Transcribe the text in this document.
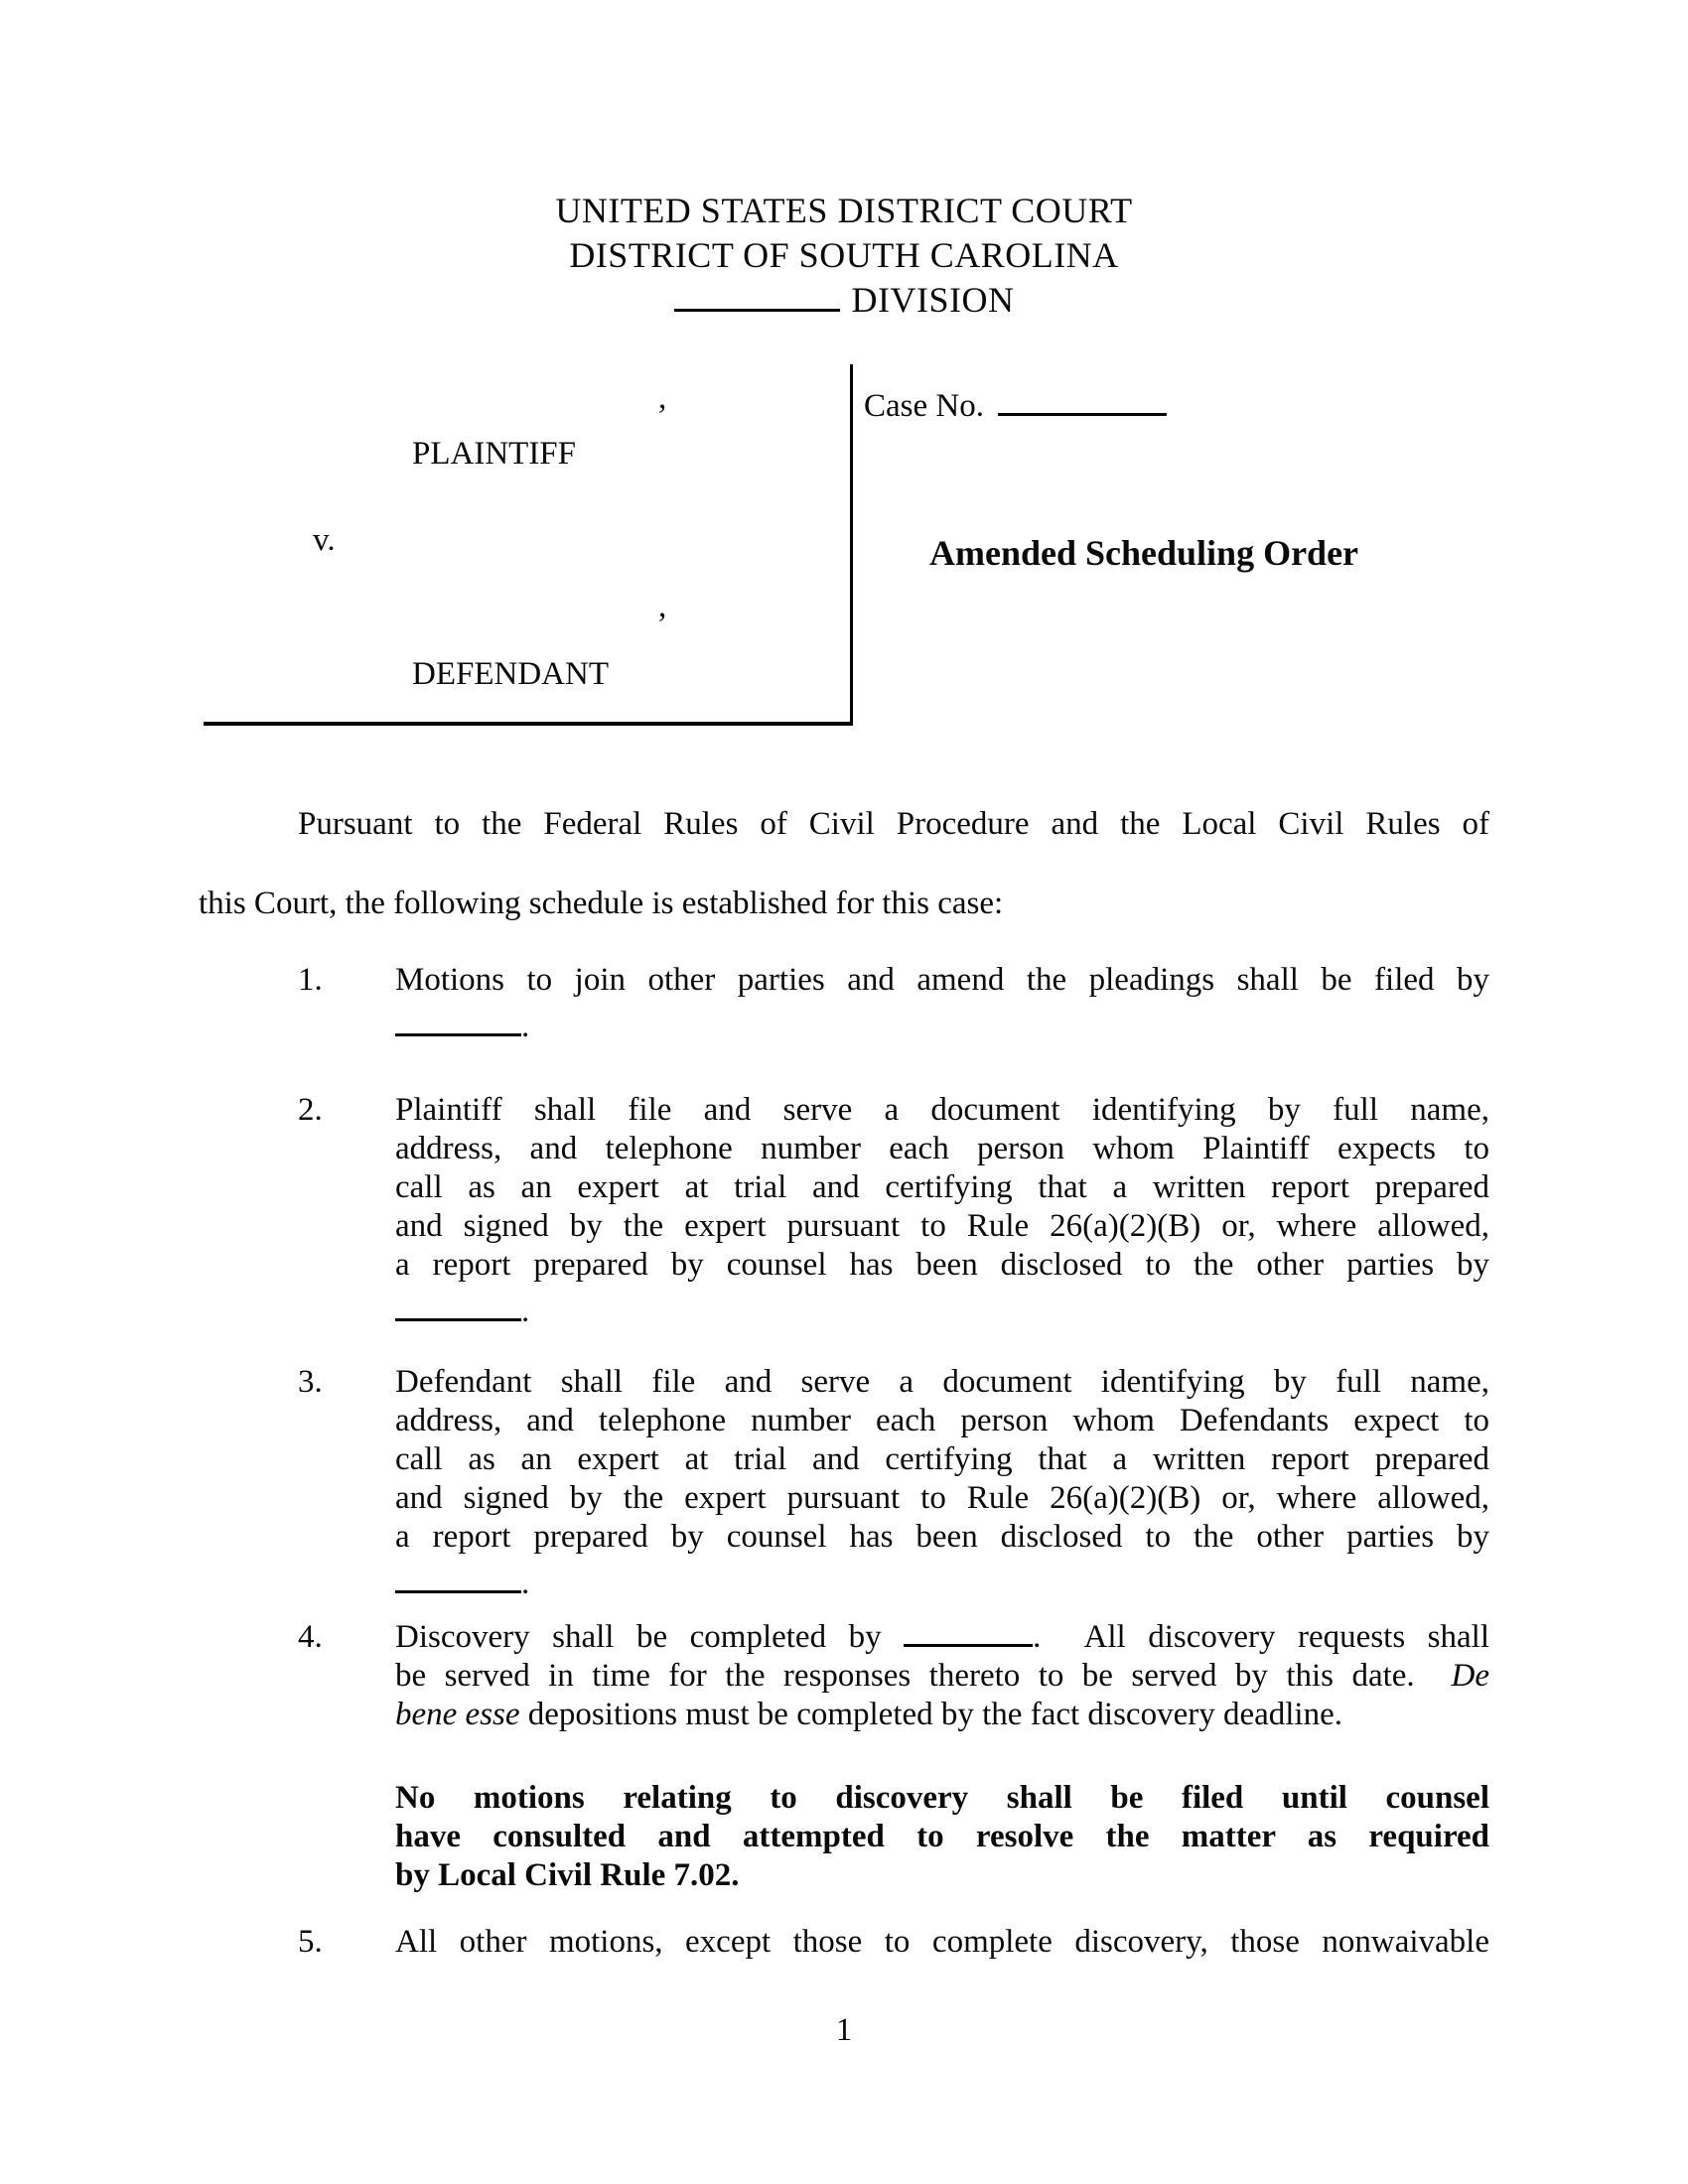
UNITED STATES DISTRICT COURT
DISTRICT OF SOUTH CAROLINA
DIVISION
,
PLAINTIFF
v.
,
DEFENDANT
Case No.
Amended Scheduling Order
Pursuant to the Federal Rules of Civil Procedure and the Local Civil Rules of
this Court, the following schedule is established for this case:
1.	Motions to join other parties and amend the pleadings shall be filed by
.
2.	Plaintiff shall file and serve a document identifying by full name,
address, and telephone number each person whom Plaintiff expects to
call as an expert at trial and certifying that a written report prepared
and signed by the expert pursuant to Rule 26(a)(2)(B) or, where allowed,
a report prepared by counsel has been disclosed to the other parties by
.
3.	Defendant shall file and serve a document identifying by full name,
address, and telephone number each person whom Defendants expect to
call as an expert at trial and certifying that a written report prepared
and signed by the expert pursuant to Rule 26(a)(2)(B) or, where allowed,
a report prepared by counsel has been disclosed to the other parties by
.
4.	Discovery shall be completed by	.  All discovery requests shall
be served in time for the responses thereto to be served by this date.  De
bene esse depositions must be completed by the fact discovery deadline.
No motions relating to discovery shall be filed until counsel
have consulted and attempted to resolve the matter as required
by Local Civil Rule 7.02.
5.	All other motions, except those to complete discovery, those nonwaivable
1
